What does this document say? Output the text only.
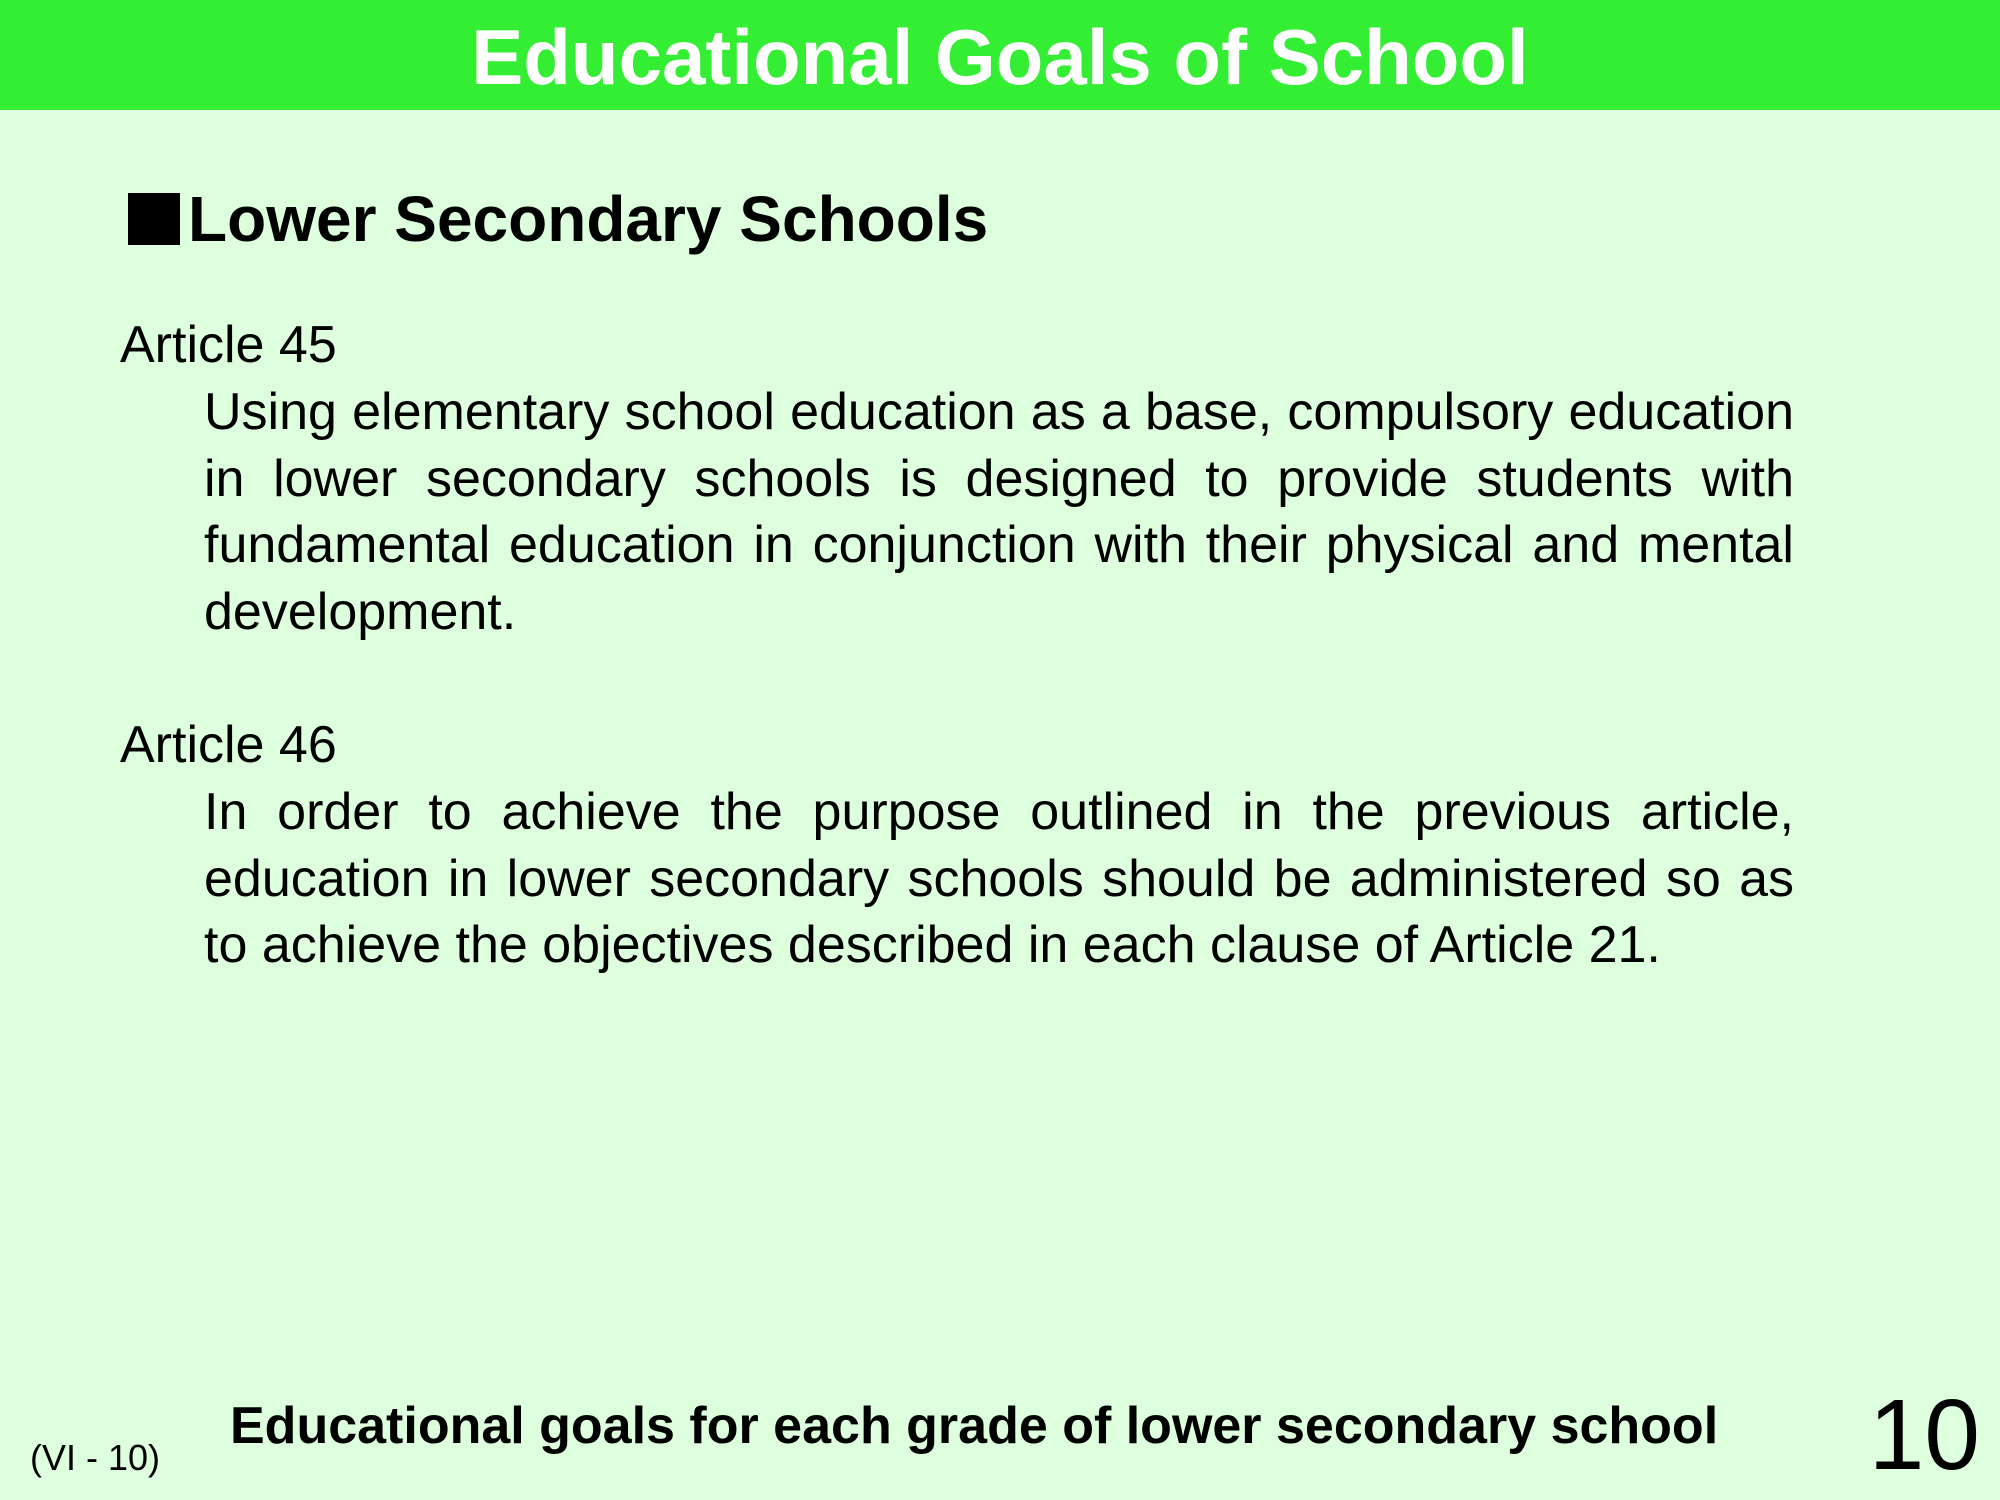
Educational Goals of School
Lower Secondary Schools
Article 45
Using elementary school education as a base, compulsory education in lower secondary schools is designed to provide students with fundamental education in conjunction with their physical and mental development.
Article 46
In order to achieve the purpose outlined in the previous article, education in lower secondary schools should be administered so as to achieve the objectives described in each clause of Article 21.
(VI - 10)
Educational goals for each grade of lower secondary school 10
